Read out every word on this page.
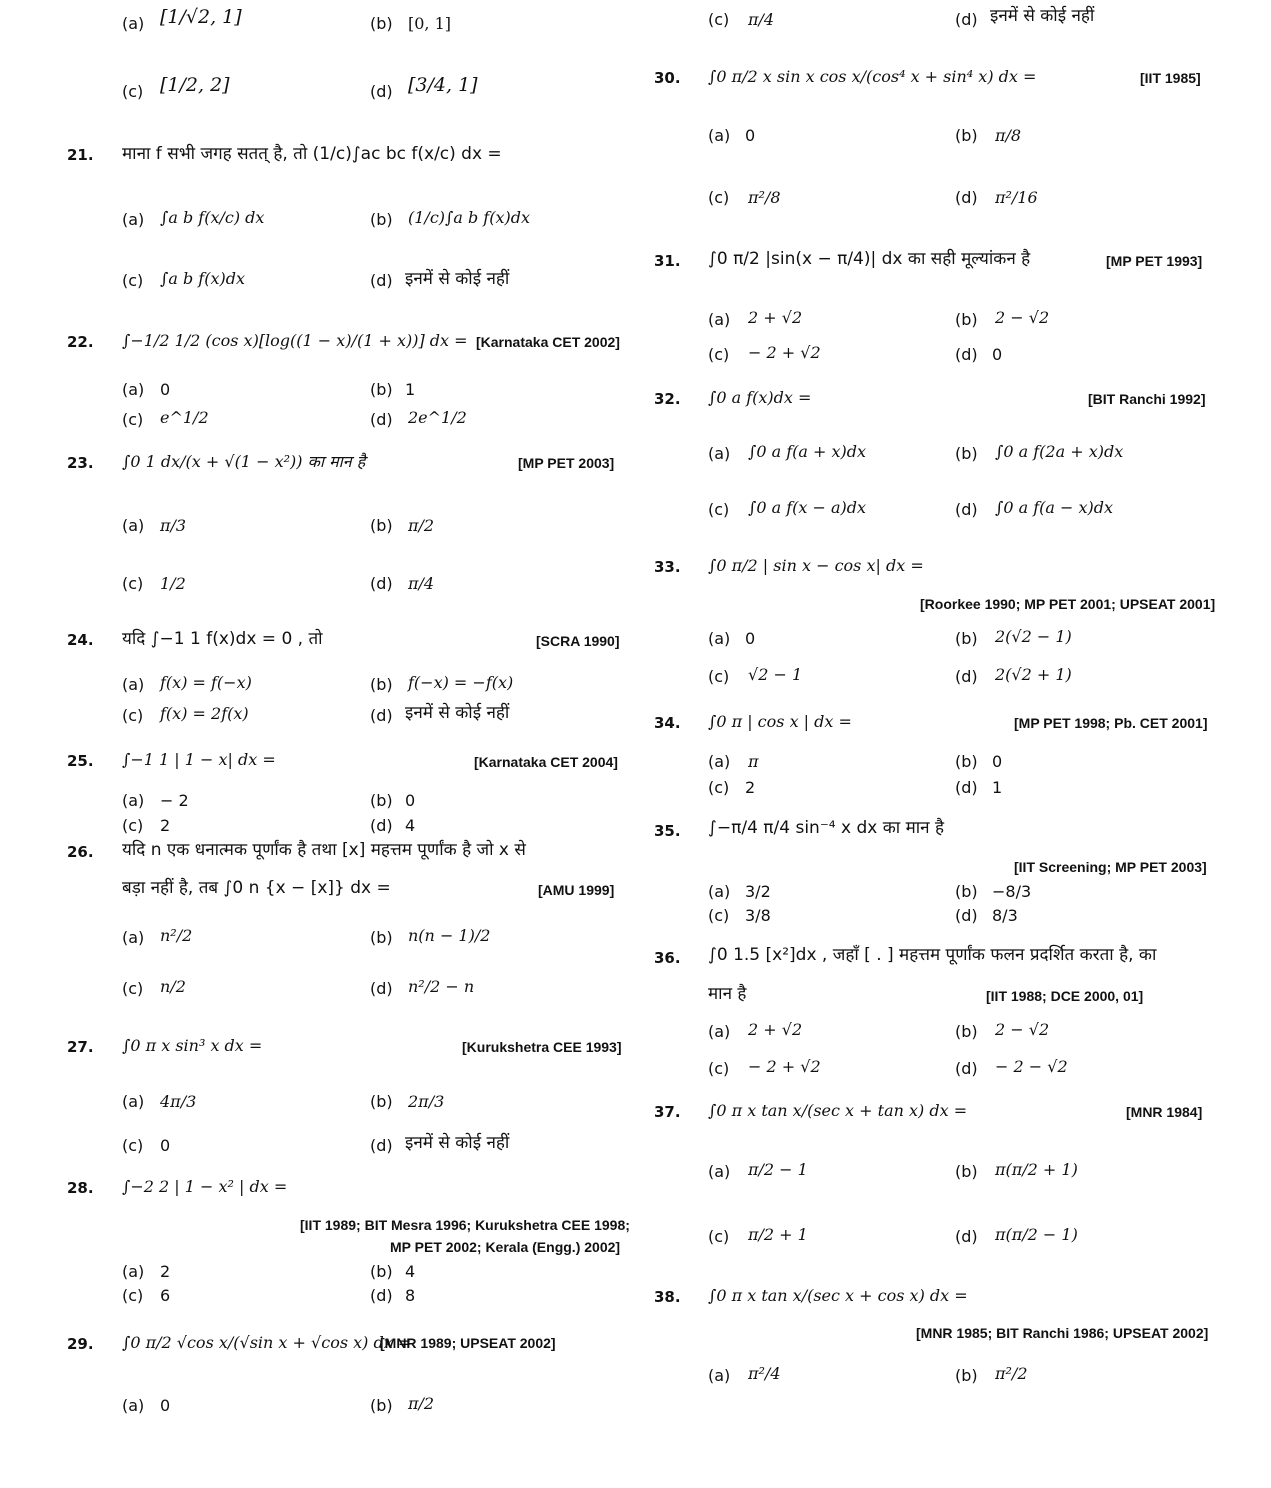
(a) [1/√2, 1]	(b) [0, 1]
(c) [1/2, 2]	(d) [3/4, 1]
21. माना f सभी जगह सतत् है, तो (1/c)∫ac bc f(x/c) dx =
(a) ∫a b f(x/c) dx	(b) (1/c)∫a b f(x)dx
(c) ∫a b f(x)dx	(d) इनमें से कोई नहीं
22. ∫−1/2 1/2 (cos x)[log((1 − x)/(1 + x))] dx = [Karnataka CET 2002]
(a) 0	(b) 1
(c) e^1/2	(d) 2e^1/2
23. ∫0 1 dx/(x + √(1 − x²)) का मान है	[MP PET 2003]
(a) π/3	(b) π/2
(c) 1/2	(d) π/4
24. यदि ∫−1 1 f(x)dx = 0 , तो	[SCRA 1990]
(a) f(x) = f(−x)	(b) f(−x) = −f(x)
(c) f(x) = 2f(x)	(d) इनमें से कोई नहीं
25. ∫−1 1 | 1 − x| dx =	[Karnataka CET 2004]
(a) − 2	(b) 0
(c) 2	(d) 4
26. यदि n एक धनात्मक पूर्णांक है तथा [x] महत्तम पूर्णांक है जो x से
बड़ा नहीं है, तब ∫0 n {x − [x]} dx =	[AMU 1999]
(a) n²/2	(b) n(n − 1)/2
(c) n/2	(d) n²/2 − n
27. ∫0 π x sin³ x dx =	[Kurukshetra CEE 1993]
(a) 4π/3	(b) 2π/3
(c) 0	(d) इनमें से कोई नहीं
28. ∫−2 2 | 1 − x² | dx =
[IIT 1989; BIT Mesra 1996; Kurukshetra CEE 1998;
MP PET 2002; Kerala (Engg.) 2002]
(a) 2	(b) 4
(c) 6	(d) 8
29. ∫0 π/2 √cos x/(√sin x + √cos x) dx =
[MNR 1989; UPSEAT 2002]
(a) 0	(b) π/2
(c) π/4	(d) इनमें से कोई नहीं
30. ∫0 π/2 x sin x cos x/(cos⁴ x + sin⁴ x) dx =	[IIT 1985]
(a) 0	(b) π/8
(c) π²/8	(d) π²/16
31. ∫0 π/2 |sin(x − π/4)| dx का सही मूल्यांकन है	[MP PET 1993]
(a) 2 + √2	(b) 2 − √2
(c) − 2 + √2	(d) 0
32. ∫0 a f(x)dx =	[BIT Ranchi 1992]
(a) ∫0 a f(a + x)dx	(b) ∫0 a f(2a + x)dx
(c) ∫0 a f(x − a)dx	(d) ∫0 a f(a − x)dx
33. ∫0 π/2 | sin x − cos x| dx =
[Roorkee 1990; MP PET 2001; UPSEAT 2001]
(a) 0	(b) 2(√2 − 1)
(c) √2 − 1	(d) 2(√2 + 1)
34. ∫0 π | cos x | dx =	[MP PET 1998; Pb. CET 2001]
(a) π	(b) 0
(c) 2	(d) 1
35. ∫−π/4 π/4 sin⁻⁴ x dx का मान है
[IIT Screening; MP PET 2003]
(a) 3/2	(b) −8/3
(c) 3/8	(d) 8/3
36. ∫0 1.5 [x²]dx , जहाँ [ . ] महत्तम पूर्णांक फलन प्रदर्शित करता है, का
मान है	[IIT 1988; DCE 2000, 01]
(a) 2 + √2	(b) 2 − √2
(c) − 2 + √2	(d) − 2 − √2
37. ∫0 π x tan x/(sec x + tan x) dx =	[MNR 1984]
(a) π/2 − 1	(b) π(π/2 + 1)
(c) π/2 + 1	(d) π(π/2 − 1)
38. ∫0 π x tan x/(sec x + cos x) dx =
[MNR 1985; BIT Ranchi 1986; UPSEAT 2002]
(a) π²/4	(b) π²/2
